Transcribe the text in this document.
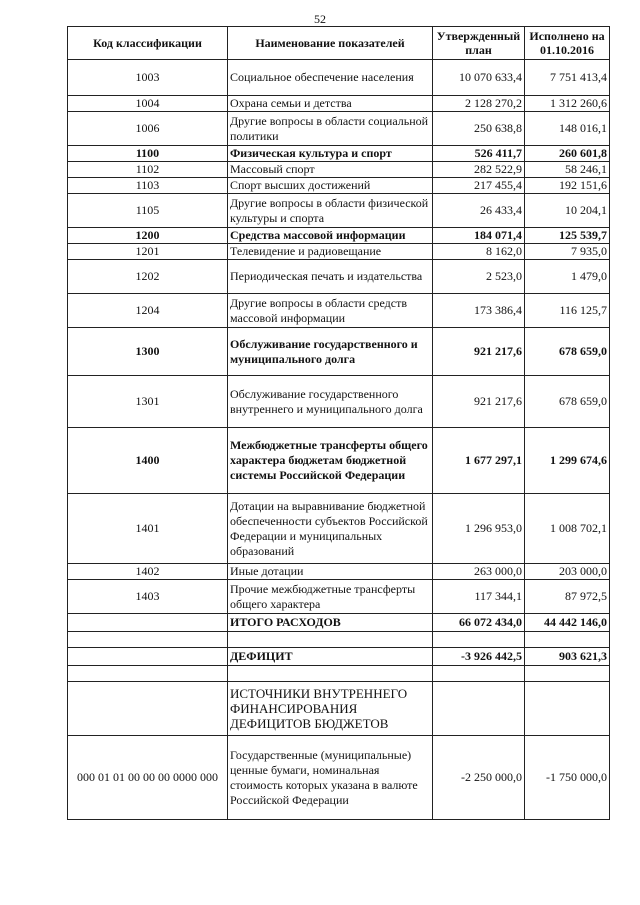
52
Код классификации	Наименование показателей	Утвержденный план	Исполнено на 01.10.2016
1003	Социальное обеспечение населения	10 070 633,4	7 751 413,4
1004	Охрана семьи и детства	2 128 270,2	1 312 260,6
1006	Другие вопросы в области социальной политики	250 638,8	148 016,1
1100	Физическая культура и спорт	526 411,7	260 601,8
1102	Массовый спорт	282 522,9	58 246,1
1103	Спорт высших достижений	217 455,4	192 151,6
1105	Другие вопросы в области физической культуры и спорта	26 433,4	10 204,1
1200	Средства массовой информации	184 071,4	125 539,7
1201	Телевидение и радиовещание	8 162,0	7 935,0
1202	Периодическая печать и издательства	2 523,0	1 479,0
1204	Другие вопросы в области средств массовой информации	173 386,4	116 125,7
1300	Обслуживание государственного и муниципального долга	921 217,6	678 659,0
1301	Обслуживание государственного внутреннего и муниципального долга	921 217,6	678 659,0
1400	Межбюджетные трансферты общего характера бюджетам бюджетной системы Российской Федерации	1 677 297,1	1 299 674,6
1401	Дотации на выравнивание бюджетной обеспеченности субъектов Российской Федерации и муниципальных образований	1 296 953,0	1 008 702,1
1402	Иные дотации	263 000,0	203 000,0
1403	Прочие межбюджетные трансферты общего характера	117 344,1	87 972,5
	ИТОГО РАСХОДОВ	66 072 434,0	44 442 146,0

	ДЕФИЦИТ	-3 926 442,5	903 621,3

	ИСТОЧНИКИ ВНУТРЕННЕГО ФИНАНСИРОВАНИЯ ДЕФИЦИТОВ БЮДЖЕТОВ		
000 01 01 00 00 00 0000 000	Государственные (муниципальные) ценные бумаги, номинальная стоимость которых указана в валюте Российской Федерации	-2 250 000,0	-1 750 000,0
